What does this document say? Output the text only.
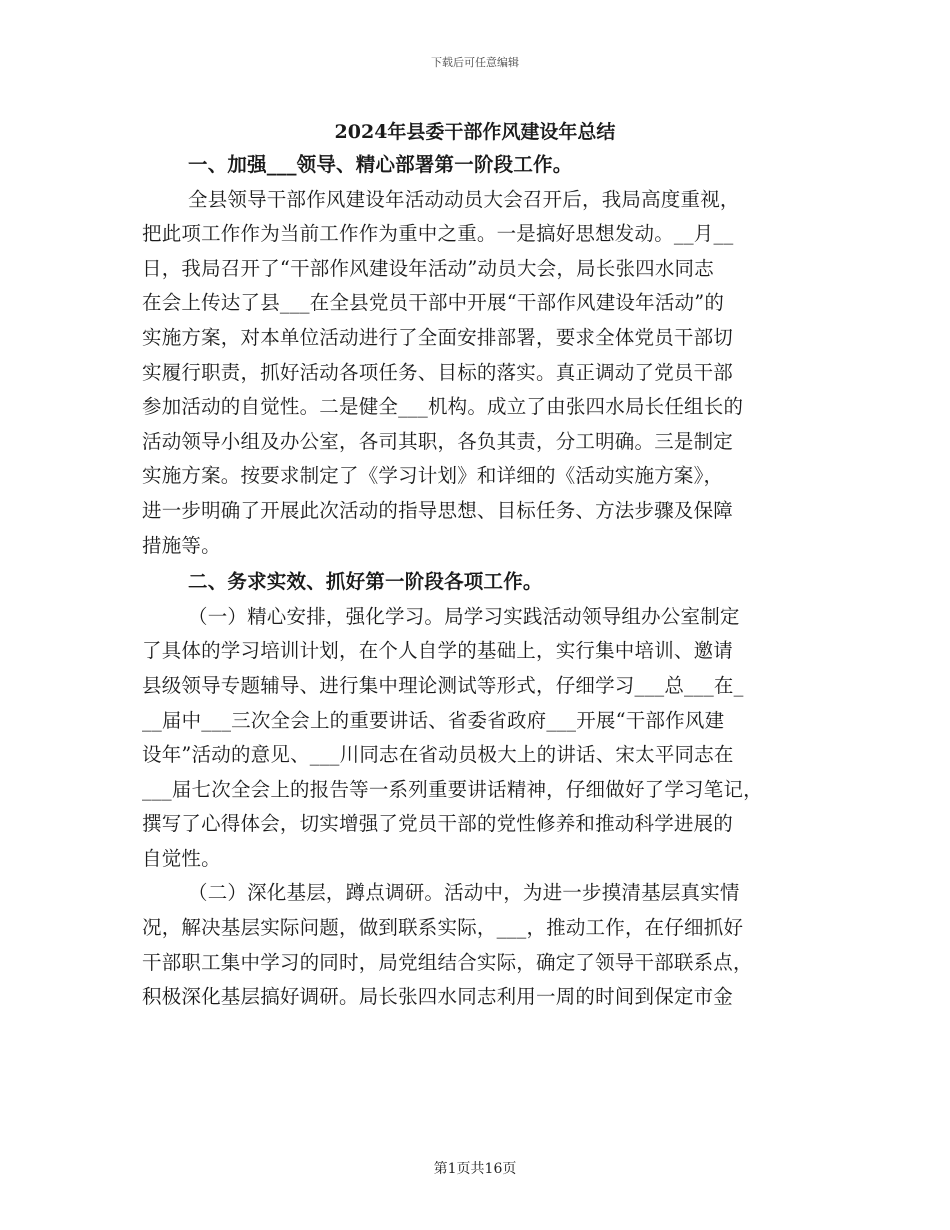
下载后可任意编辑
2024年县委干部作风建设年总结
一、加强___领导、精心部署第一阶段工作。
全县领导干部作风建设年活动动员大会召开后，我局高度重视，
把此项工作作为当前工作作为重中之重。一是搞好思想发动。__月__
日，我局召开了“干部作风建设年活动”动员大会，局长张四水同志
在会上传达了县___在全县党员干部中开展“干部作风建设年活动”的
实施方案，对本单位活动进行了全面安排部署，要求全体党员干部切
实履行职责，抓好活动各项任务、目标的落实。真正调动了党员干部
参加活动的自觉性。二是健全___机构。成立了由张四水局长任组长的
活动领导小组及办公室，各司其职，各负其责，分工明确。三是制定
实施方案。按要求制定了《学习计划》和详细的《活动实施方案》，
进一步明确了开展此次活动的指导思想、目标任务、方法步骤及保障
措施等。
二、务求实效、抓好第一阶段各项工作。
（一）精心安排，强化学习。局学习实践活动领导组办公室制定
了具体的学习培训计划，在个人自学的基础上，实行集中培训、邀请
县级领导专题辅导、进行集中理论测试等形式，仔细学习___总___在_
__届中___三次全会上的重要讲话、省委省政府___开展“干部作风建
设年”活动的意见、___川同志在省动员极大上的讲话、宋太平同志在
___届七次全会上的报告等一系列重要讲话精神，仔细做好了学习笔记，
撰写了心得体会，切实增强了党员干部的党性修养和推动科学进展的
自觉性。
（二）深化基层，蹲点调研。活动中，为进一步摸清基层真实情
况，解决基层实际问题，做到联系实际，___，推动工作，在仔细抓好
干部职工集中学习的同时，局党组结合实际，确定了领导干部联系点，
积极深化基层搞好调研。局长张四水同志利用一周的时间到保定市金
第1页共16页
